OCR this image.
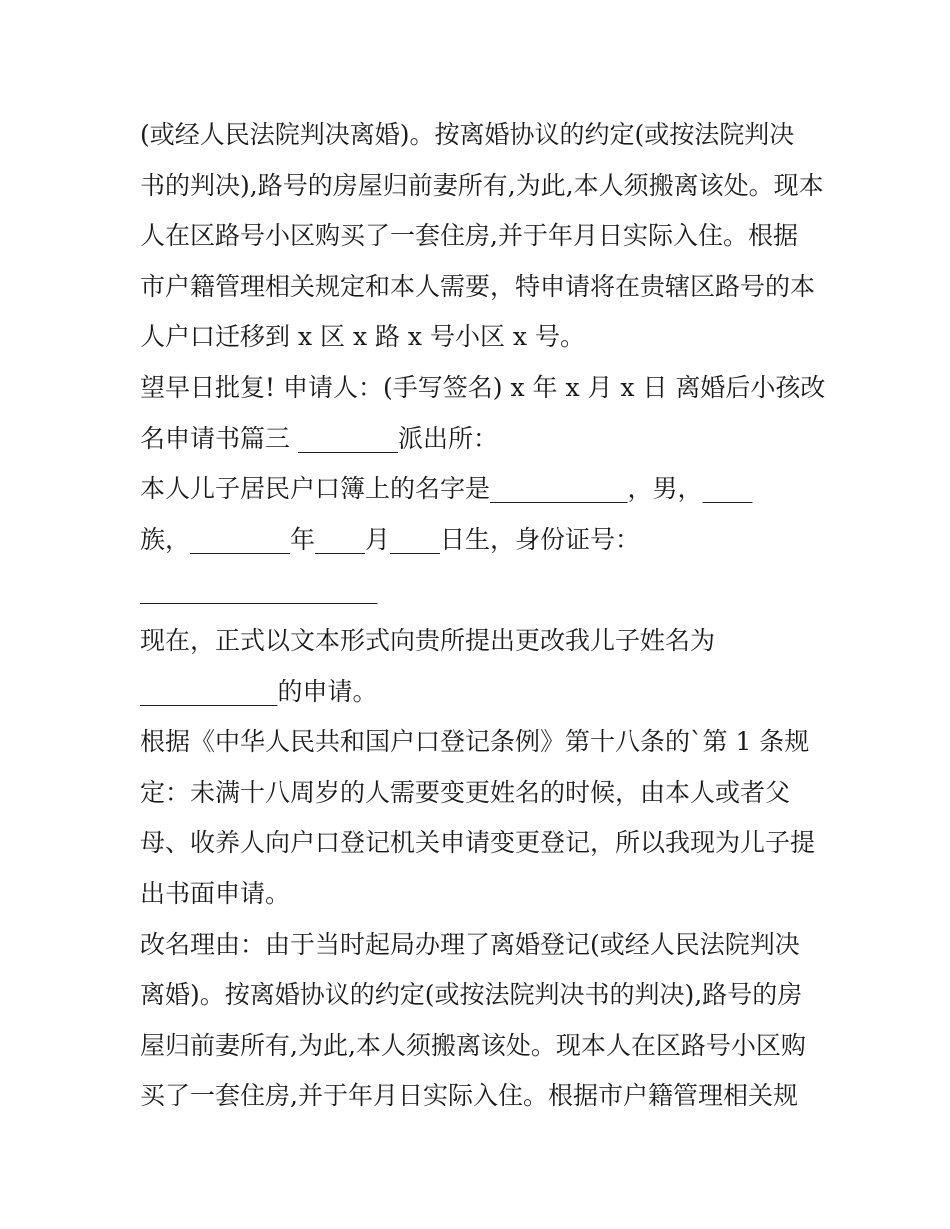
(或经人民法院判决离婚)。按离婚协议的约定(或按法院判决
书的判决),路号的房屋归前妻所有,为此,本人须搬离该处。现本
人在区路号小区购买了一套住房,并于年月日实际入住。根据
市户籍管理相关规定和本人需要，特申请将在贵辖区路号的本
人户口迁移到 x 区 x 路 x 号小区 x 号。
望早日批复! 申请人：(手写签名) x 年 x 月 x 日 离婚后小孩改
名申请书篇三 ________派出所：
本人儿子居民户口簿上的名字是___________，男，____
族，________年____月____日生，身份证号：
___________________
现在，正式以文本形式向贵所提出更改我儿子姓名为
___________的申请。
根据《中华人民共和国户口登记条例》第十八条的`第 1 条规
定：未满十八周岁的人需要变更姓名的时候，由本人或者父
母、收养人向户口登记机关申请变更登记，所以我现为儿子提
出书面申请。
改名理由：由于当时起局办理了离婚登记(或经人民法院判决
离婚)。按离婚协议的约定(或按法院判决书的判决),路号的房
屋归前妻所有,为此,本人须搬离该处。现本人在区路号小区购
买了一套住房,并于年月日实际入住。根据市户籍管理相关规
